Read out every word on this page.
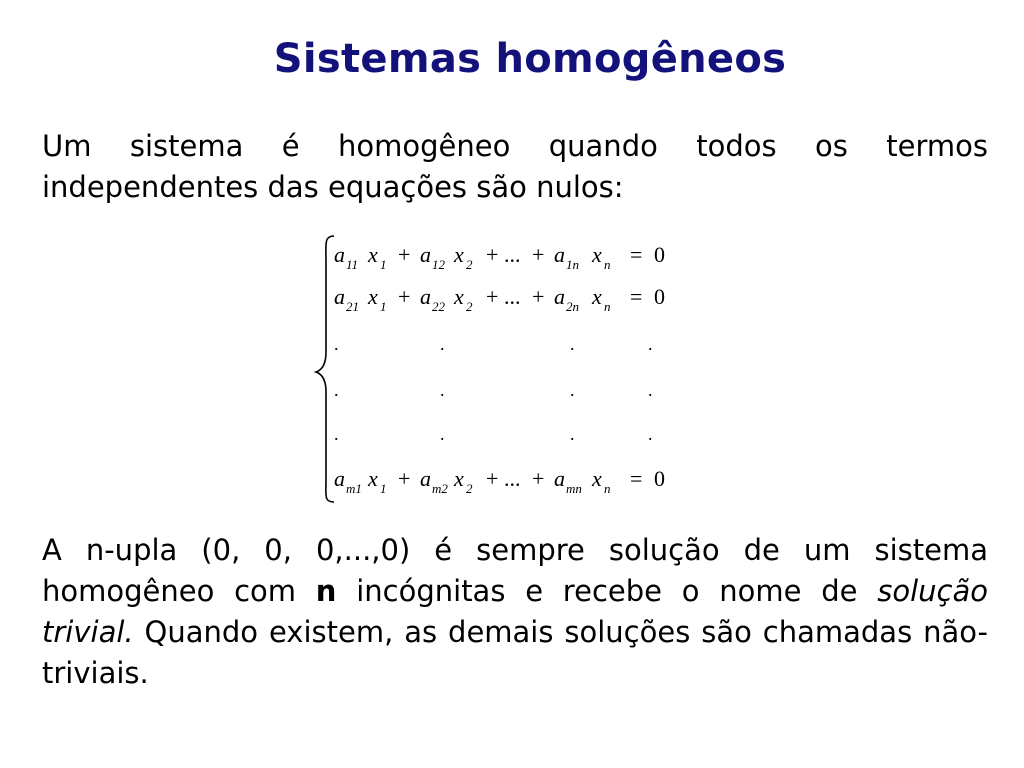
Sistemas homogêneos
Um sistema é homogêneo quando todos os termos independentes das equações são nulos:
a 11 x 1 + a 12 x 2 + ... + a 1n x n = 0
a 21 x 1 + a 22 x 2 + ... + a 2n x n = 0
a m1 x 1 + a m2 x 2 + ... + a mn x n = 0
.	.	.	.
.	.	.	.
.	.	.	.
A n-upla (0, 0, 0,...,0) é sempre solução de um sistema homogêneo com n incógnitas e recebe o nome de solução trivial. Quando existem, as demais soluções são chamadas não-triviais.
